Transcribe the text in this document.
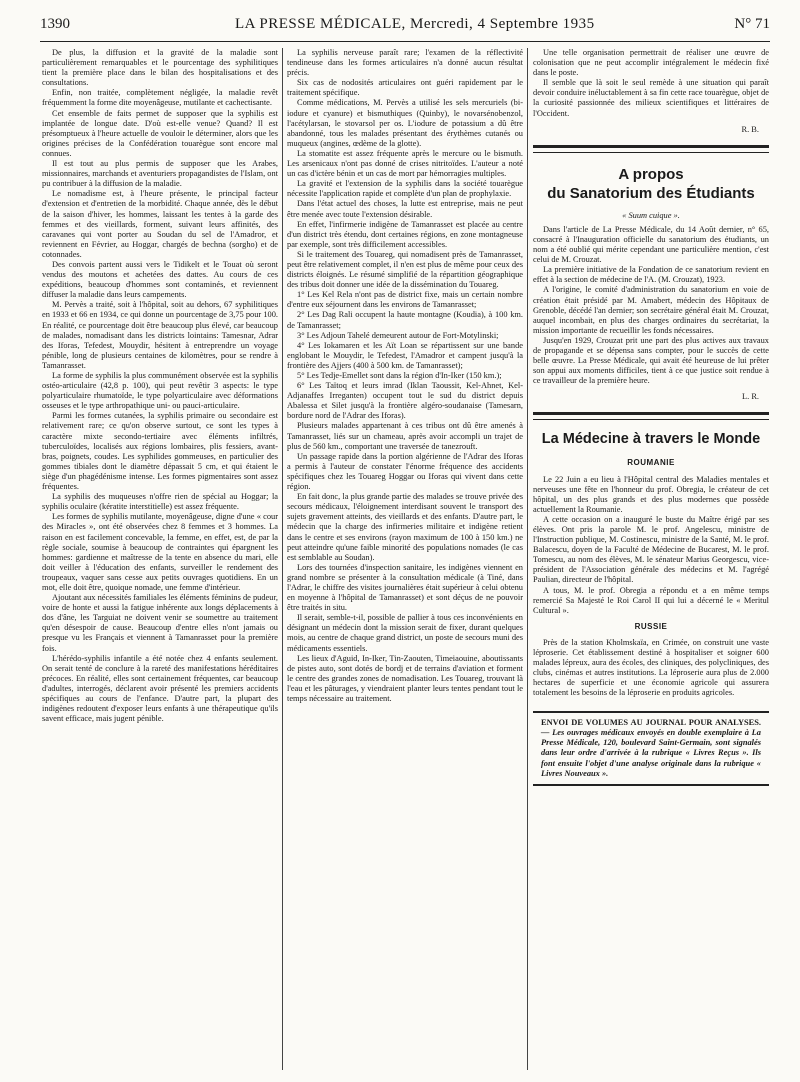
1390	LA PRESSE MÉDICALE, Mercredi, 4 Septembre 1935	N° 71

De plus, la diffusion et la gravité de la maladie sont particulièrement remarquables et le pourcentage des syphilitiques tient la première place dans le bilan des hospitalisations et des consultations.

Enfin, non traitée, complètement négligée, la maladie revêt fréquemment la forme dite moyenâgeuse, mutilante et cachectisante.

Cet ensemble de faits permet de supposer que la syphilis est implantée de longue date. D'où est-elle venue? Quand? Il est présomptueux à l'heure actuelle de vouloir le déterminer, alors que les origines précises de la Confédération touarègue sont encore mal connues.

Il est tout au plus permis de supposer que les Arabes, missionnaires, marchands et aventuriers propagandistes de l'Islam, ont pu contribuer à la diffusion de la maladie.

Le nomadisme est, à l'heure présente, le principal facteur d'extension et d'entretien de la morbidité. Chaque année, dès le début de la saison d'hiver, les hommes, laissant les tentes à la garde des femmes et des vieillards, forment, suivant leurs affinités, des caravanes qui vont porter au Soudan du sel de l'Amadror, et reviennent en Février, au Hoggar, chargés de bechna (sorgho) et de cotonnades.

Des convois partent aussi vers le Tidikelt et le Touat où seront vendus des moutons et achetées des dattes. Au cours de ces expéditions, beaucoup d'hommes sont contaminés, et reviennent diffuser la maladie dans leurs campements.

M. Pervès a traité, soit à l'hôpital, soit au dehors, 67 syphilitiques en 1933 et 66 en 1934, ce qui donne un pourcentage de 3,75 pour 100. En réalité, ce pourcentage doit être beaucoup plus élevé, car beaucoup de malades, nomadisant dans les districts lointains: Tamesnar, Adrar des Iforas, Tefedest, Mouydir, hésitent à entreprendre un voyage pénible, long de plusieurs centaines de kilomètres, pour se rendre à Tamanrasset.

La forme de syphilis la plus communément observée est la syphilis ostéo-articulaire (42,8 p. 100), qui peut revêtir 3 aspects: le type polyarticulaire rhumatoïde, le type polyarticulaire avec déformations osseuses et le type arthropathique uni- ou pauci-articulaire.

Parmi les formes cutanées, la syphilis primaire ou secondaire est relativement rare; ce qu'on observe surtout, ce sont les types à caractère mixte secondo-tertiaire avec éléments infiltrés, tuberculoïdes, localisés aux régions lombaires, plis fessiers, avant-bras, poignets, coudes. Les syphilides gommeuses, en particulier des gommes tibiales dont le diamètre dépassait 5 cm, et qui étaient le siège d'un phagédénisme intense. Les formes pigmentaires sont assez fréquentes.

La syphilis des muqueuses n'offre rien de spécial au Hoggar; la syphilis oculaire (kératite interstitielle) est assez fréquente.

Les formes de syphilis mutilante, moyenâgeuse, digne d'une « cour des Miracles », ont été observées chez 8 femmes et 3 hommes. La raison en est facilement concevable, la femme, en effet, est, de par la règle sociale, soumise à beaucoup de contraintes qui épargnent les hommes: gardienne et maîtresse de la tente en absence du mari, elle doit veiller à l'éducation des enfants, surveiller le rendement des troupeaux, vaquer sans cesse aux petits ouvrages quotidiens. En un mot, elle doit être, quoique nomade, une femme d'intérieur.

Ajoutant aux nécessités familiales les éléments féminins de pudeur, voire de honte et aussi la fatigue inhérente aux longs déplacements à dos d'âne, les Targuiat ne doivent venir se soumettre au traitement qu'en désespoir de cause. Beaucoup d'entre elles n'ont jamais ou presque vu les Français et viennent à Tamanrasset pour la première fois.

L'hérédo-syphilis infantile a été notée chez 4 enfants seulement. On serait tenté de conclure à la rareté des manifestations héréditaires précoces. En réalité, elles sont certainement fréquentes, car beaucoup d'adultes, interrogés, déclarent avoir présenté les premiers accidents spécifiques au cours de l'enfance. D'autre part, la plupart des indigènes redoutent d'exposer leurs enfants à une thérapeutique qu'ils savent efficace, mais jugent pénible.

La syphilis nerveuse paraît rare; l'examen de la réflectivité tendineuse dans les formes articulaires n'a donné aucun résultat précis.

Six cas de nodosités articulaires ont guéri rapidement par le traitement spécifique.

Comme médications, M. Pervès a utilisé les sels mercuriels (bi-iodure et cyanure) et bismuthiques (Quinby), le novarsénobenzol, l'acétylarsan, le stovarsol per os. L'iodure de potassium a dû être abandonné, tous les malades présentant des érythèmes cutanés ou muqueux (angines, œdème de la glotte).

La stomatite est assez fréquente après le mercure ou le bismuth. Les arsenicaux n'ont pas donné de crises nitritoïdes. L'auteur a noté un cas d'ictère bénin et un cas de mort par hémorragies multiples.

La gravité et l'extension de la syphilis dans la société touarègue nécessite l'application rapide et complète d'un plan de prophylaxie.

Dans l'état actuel des choses, la lutte est entreprise, mais ne peut être menée avec toute l'extension désirable.

En effet, l'infirmerie indigène de Tamanrasset est placée au centre d'un district très étendu, dont certaines régions, en zone montagneuse par exemple, sont très difficilement accessibles.

Si le traitement des Touareg, qui nomadisent près de Tamanrasset, peut être relativement complet, il n'en est plus de même pour ceux des districts éloignés. Le résumé simplifié de la répartition géographique des tribus doit donner une idée de la dissémination du Touareg.

1° Les Kel Rela n'ont pas de district fixe, mais un certain nombre d'entre eux séjournent dans les environs de Tamanrasset;

2° Les Dag Rali occupent la haute montagne (Koudia), à 100 km. de Tamanrasset;

3° Les Adjoun Tahelé demeurent autour de Fort-Motylinski;

4° Les Iokamaren et les Aït Loan se répartissent sur une bande englobant le Mouydir, le Tefedest, l'Amadror et campent jusqu'à la frontière des Ajjers (400 à 500 km. de Tamanrasset);

5° Les Tedje-Emellet sont dans la région d'In-Iker (150 km.);

6° Les Taïtoq et leurs imrad (Iklan Taoussit, Kel-Ahnet, Kel-Adjanaffes Irreganten) occupent tout le sud du district depuis Abalessa et Silet jusqu'à la frontière algéro-soudanaise (Tamesarn, bordure nord de l'Adrar des Iforas).

Plusieurs malades appartenant à ces tribus ont dû être amenés à Tamanrasset, liés sur un chameau, après avoir accompli un trajet de plus de 560 km., comportant une traversée de tanezrouft.

Un passage rapide dans la portion algérienne de l'Adrar des Iforas a permis à l'auteur de constater l'énorme fréquence des accidents spécifiques chez les Touareg Hoggar ou Iforas qui vivent dans cette région.

En fait donc, la plus grande partie des malades se trouve privée des secours médicaux, l'éloignement interdisant souvent le transport des sujets gravement atteints, des vieillards et des enfants. D'autre part, le médecin que la charge des infirmeries militaire et indigène retient dans le centre et ses environs (rayon maximum de 100 à 150 km.) ne peut atteindre qu'une faible minorité des populations nomades (le cas est semblable au Soudan).

Lors des tournées d'inspection sanitaire, les indigènes viennent en grand nombre se présenter à la consultation médicale (à Tiné, dans l'Adrar, le chiffre des visites journalières était supérieur à celui obtenu en moyenne à l'hôpital de Tamanrasset) et sont déçus de ne pouvoir être traités in situ.

Il serait, semble-t-il, possible de pallier à tous ces inconvénients en désignant un médecin dont la mission serait de fixer, durant quelques mois, au centre de chaque grand district, un poste de secours muni des médicaments essentiels.

Les lieux d'Aguid, In-Iker, Tin-Zaouten, Timeiaouine, aboutissants de pistes auto, sont dotés de bordj et de terrains d'aviation et forment le centre des grandes zones de nomadisation. Les Touareg, trouvant là l'eau et les pâturages, y viendraient planter leurs tentes pendant tout le temps nécessaire au traitement.

Une telle organisation permettrait de réaliser une œuvre de colonisation que ne peut accomplir intégralement le médecin fixé dans le poste.

Il semble que là soit le seul remède à une situation qui paraît devoir conduire inéluctablement à sa fin cette race touarègue, objet de la curiosité passionnée des milieux scientifiques et littéraires de l'Occident.

R. B.

A propos
du Sanatorium des Étudiants

« Suum cuique ».

Dans l'article de La Presse Médicale, du 14 Août dernier, n° 65, consacré à l'Inauguration officielle du sanatorium des étudiants, un nom a été oublié qui mérite cependant une particulière mention, c'est celui de M. Crouzat.

La première initiative de la Fondation de ce sanatorium revient en effet à la section de médecine de l'A. (M. Crouzat), 1923.

A l'origine, le comité d'administration du sanatorium en voie de création était présidé par M. Amabert, médecin des Hôpitaux de Grenoble, décédé l'an dernier; son secrétaire général était M. Crouzat, auquel incombait, en plus des charges ordinaires du secrétariat, la mission importante de recueillir les fonds nécessaires.

Jusqu'en 1929, Crouzat prit une part des plus actives aux travaux de propagande et se dépensa sans compter, pour le succès de cette belle œuvre. La Presse Médicale, qui avait été heureuse de lui prêter son appui aux moments difficiles, tient à ce que justice soit rendue à ce travailleur de la première heure.

L. R.

La Médecine à travers le Monde
ROUMANIE

Le 22 Juin a eu lieu à l'Hôpital central des Maladies mentales et nerveuses une fête en l'honneur du prof. Obregia, le créateur de cet hôpital, un des plus grands et des plus modernes que possède actuellement la Roumanie.

A cette occasion on a inauguré le buste du Maître érigé par ses élèves. Ont pris la parole M. le prof. Angelescu, ministre de l'Instruction publique, M. Costinescu, ministre de la Santé, M. le prof. Balacescu, doyen de la Faculté de Médecine de Bucarest, M. le prof. Tomescu, au nom des élèves, M. le sénateur Marius Georgescu, vice-président de l'Association générale des médecins et M. l'agrégé Paulian, directeur de l'hôpital.

A tous, M. le prof. Obregia a répondu et a en même temps remercié Sa Majesté le Roi Carol II qui lui a décerné le « Meritul Cultural ».

RUSSIE

Près de la station Kholmskaïa, en Crimée, on construit une vaste léproserie. Cet établissement destiné à hospitaliser et soigner 600 malades lépreux, aura des écoles, des cliniques, des polycliniques, des clubs, cinémas et autres institutions. La léproserie aura plus de 2.000 hectares de superficie et une économie agricole qui assurera totalement les besoins de la léproserie en produits agricoles.

ENVOI DE VOLUMES AU JOURNAL POUR ANALYSES. — Les ouvrages médicaux envoyés en double exemplaire à La Presse Médicale, 120, boulevard Saint-Germain, sont signalés dans leur ordre d'arrivée à la rubrique « Livres Reçus ». Ils font ensuite l'objet d'une analyse originale dans la rubrique « Livres Nouveaux ».
